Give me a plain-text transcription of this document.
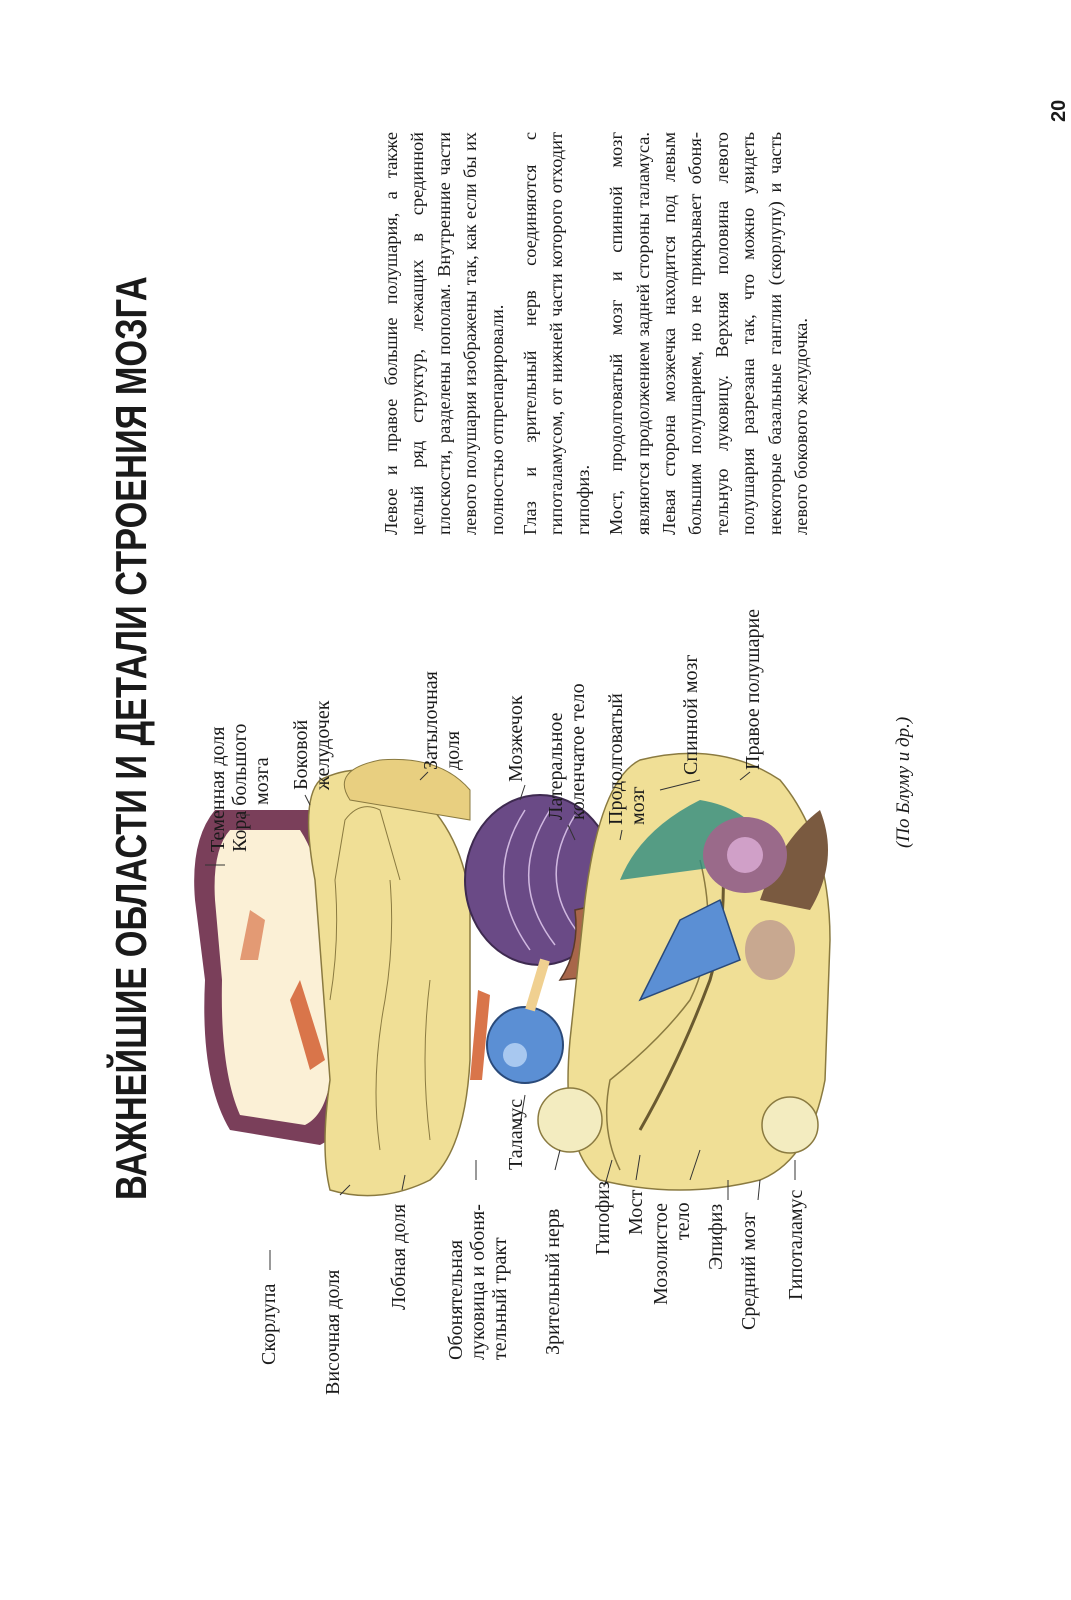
20
ВАЖНЕЙШИЕ ОБЛАСТИ И ДЕТАЛИ СТРОЕНИЯ МОЗГА	Теменная доля Кора большого мозга Боковой желудочек	Затылочная доля Мозжечок Латеральное коленчатое тело Продолговатый мозг
Спинной мозг Правое полушарие
Скорлупа Височная доля
Лобная доля Обонятельная луковица и обоня- тельный тракт
Таламус
Зрительный нерв Гипофиз Мост Мозолистое тело Эпифиз Средний мозг Гипоталамус
(По Блуму и др.)

Левое и правое большие полушария, а также целый ряд структур, лежащих в срединной плоскости, разделены пополам. Внутренние части левого полушария изображены так, как если бы их полностью отпрепарировали. Глаз и зрительный нерв соединяются с гипоталамусом, от нижней части которого отходит гипофиз. Мост, продолговатый мозг и спинной мозг являются продолжением задней стороны таламуса. Левая сторона мозжечка находится под левым большим полушарием, но не прикрывает обонятельную луковицу. Верхняя половина левого полушария разрезана так, что можно увидеть некоторые базальные ганглии (скорлупу) и часть левого бокового желудочка.
